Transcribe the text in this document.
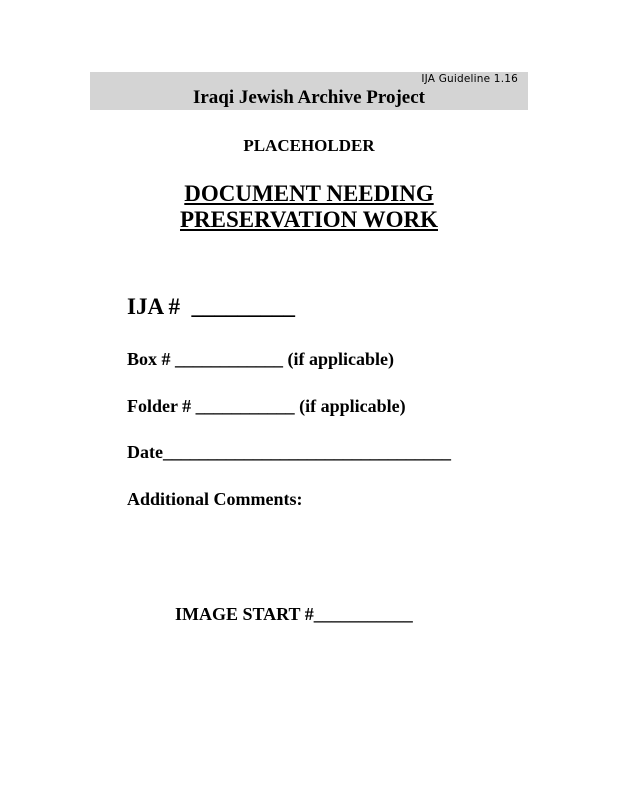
IJA Guideline 1.16
Iraqi Jewish Archive Project
PLACEHOLDER
DOCUMENT NEEDING
PRESERVATION WORK
IJA #  _________
Box # ____________ (if applicable)
Folder # ___________ (if applicable)
Date________________________________
Additional Comments:
IMAGE START #___________
